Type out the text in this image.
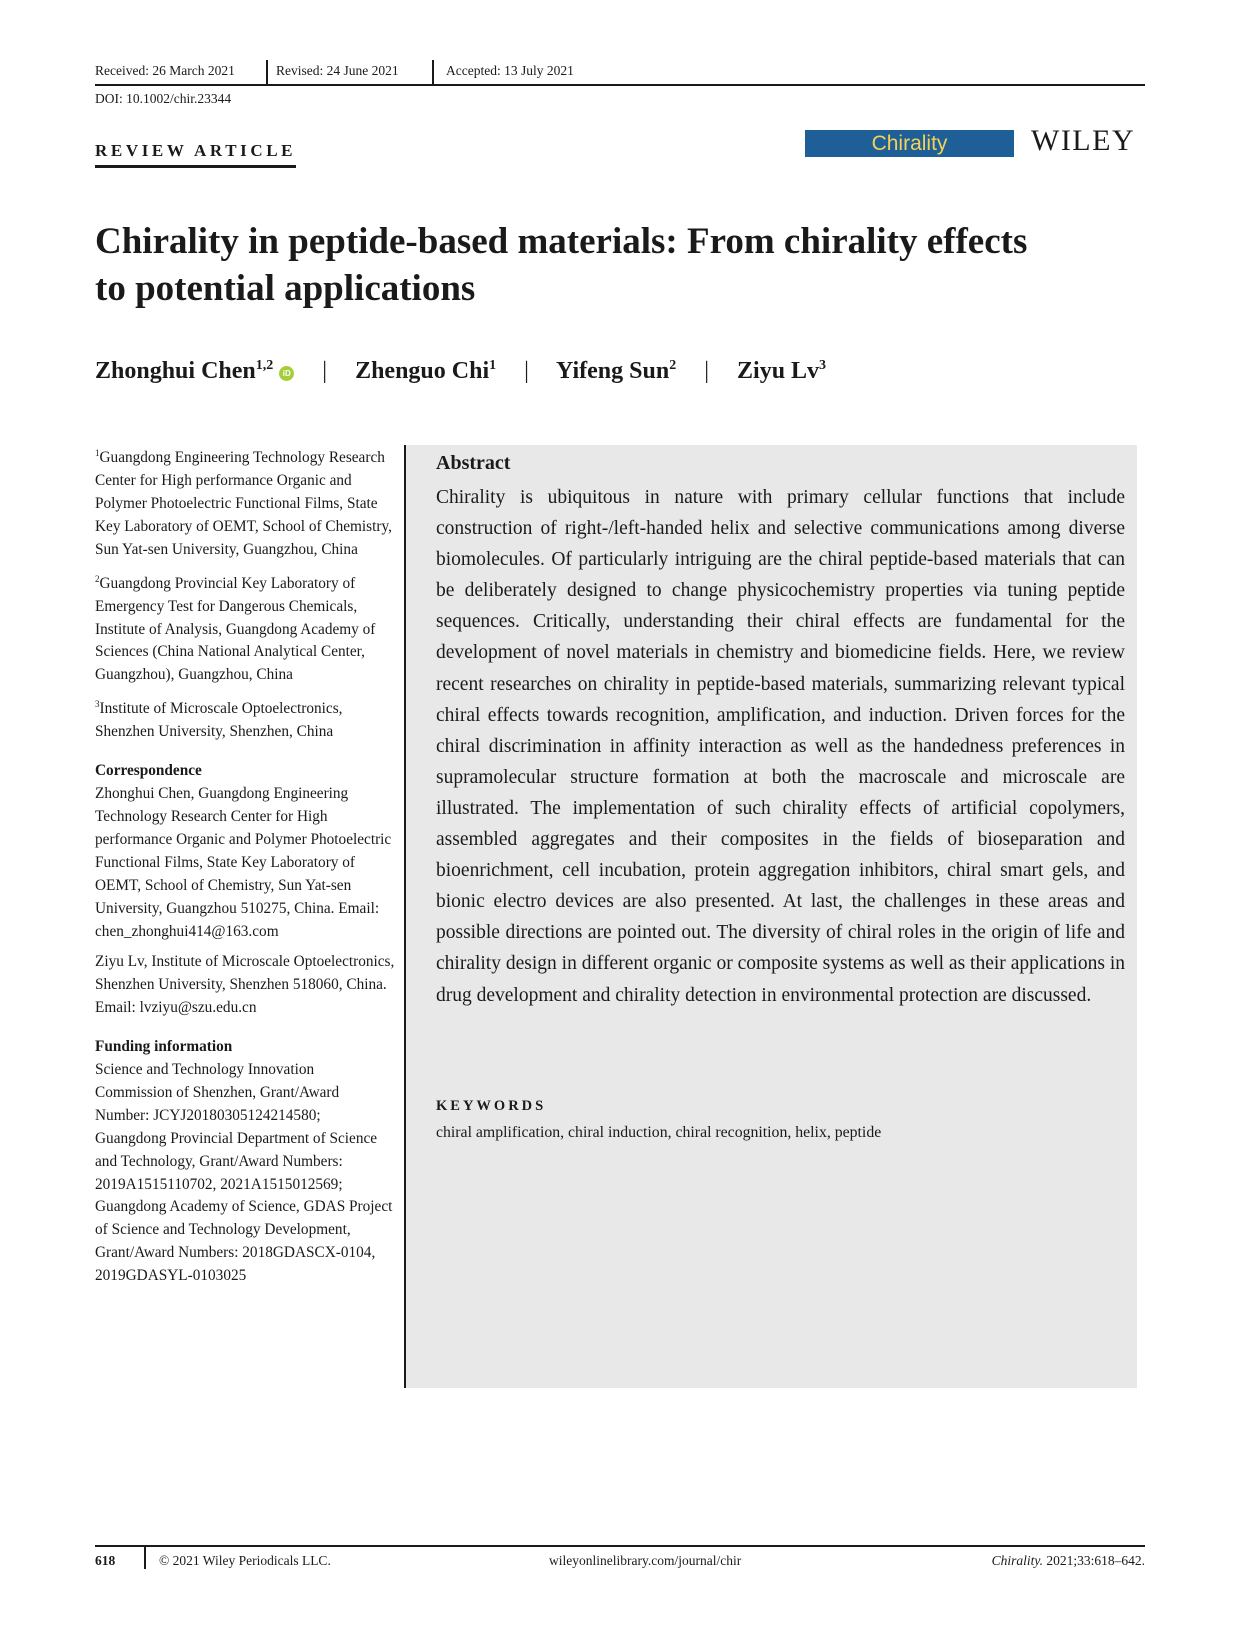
Received: 26 March 2021	Revised: 24 June 2021	Accepted: 13 July 2021
DOI: 10.1002/chir.23344
REVIEW ARTICLE	Chirality	WILEY
Chirality in peptide-based materials: From chirality effects
to potential applications
Zhonghui Chen$^{1,2}$iD | Zhenguo Chi$^1$ | Yifeng Sun$^2$ | Ziyu Lv$^3$

$^1$Guangdong Engineering Technology Research Center for High performance Organic and Polymer Photoelectric Functional Films, State Key Laboratory of OEMT, School of Chemistry, Sun Yat-sen University, Guangzhou, China

$^2$Guangdong Provincial Key Laboratory of Emergency Test for Dangerous Chemicals, Institute of Analysis, Guangdong Academy of Sciences (China National Analytical Center, Guangzhou), Guangzhou, China

$^3$Institute of Microscale Optoelectronics, Shenzhen University, Shenzhen, China

Correspondence

Zhonghui Chen, Guangdong Engineering Technology Research Center for High performance Organic and Polymer Photoelectric Functional Films, State Key Laboratory of OEMT, School of Chemistry, Sun Yat-sen University, Guangzhou 510275, China. Email: chen_zhonghui414@163.com

Ziyu Lv, Institute of Microscale Optoelectronics, Shenzhen University, Shenzhen 518060, China. Email: lvziyu@szu.edu.cn

Funding information

Science and Technology Innovation Commission of Shenzhen, Grant/Award Number: JCYJ20180305124214580; Guangdong Provincial Department of Science and Technology, Grant/Award Numbers: 2019A1515110702, 2021A1515012569; Guangdong Academy of Science, GDAS Project of Science and Technology Development, Grant/Award Numbers: 2018GDASCX-0104, 2019GDASYL-0103025

Abstract

Chirality is ubiquitous in nature with primary cellular functions that include construction of right-/left-handed helix and selective communications among diverse biomolecules. Of particularly intriguing are the chiral peptide-based materials that can be deliberately designed to change physicochemistry properties via tuning peptide sequences. Critically, understanding their chiral effects are fundamental for the development of novel materials in chemistry and biomedicine fields. Here, we review recent researches on chirality in peptide-based materials, summarizing relevant typical chiral effects towards recognition, amplification, and induction. Driven forces for the chiral discrimination in affinity interaction as well as the handedness preferences in supramolecular structure formation at both the macroscale and microscale are illustrated. The implementation of such chirality effects of artificial copolymers, assembled aggregates and their composites in the fields of bioseparation and bioenrichment, cell incubation, protein aggregation inhibitors, chiral smart gels, and bionic electro devices are also presented. At last, the challenges in these areas and possible directions are pointed out. The diversity of chiral roles in the origin of life and chirality design in different organic or composite systems as well as their applications in drug development and chirality detection in environmental protection are discussed.

KEYWORDS
chiral amplification, chiral induction, chiral recognition, helix, peptide
618	© 2021 Wiley Periodicals LLC.	wileyonlinelibrary.com/journal/chir	Chirality. 2021;33:618–642.
